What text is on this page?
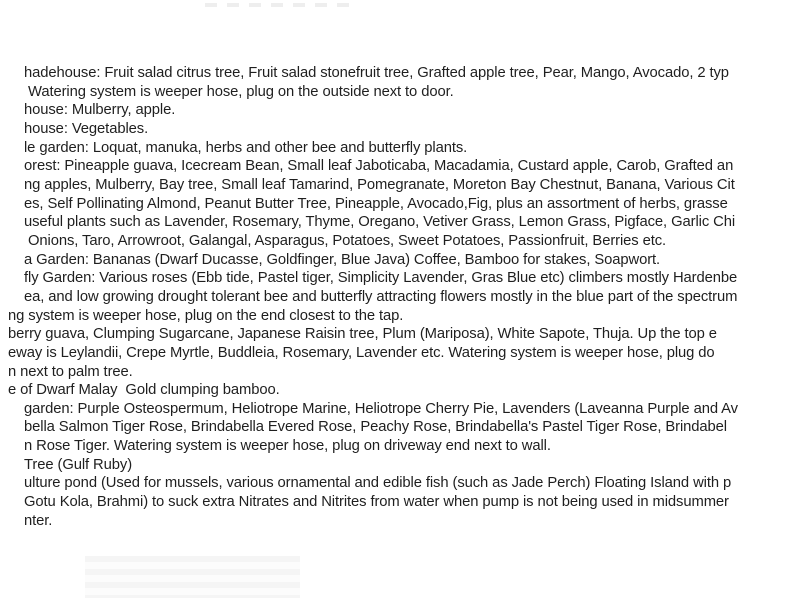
hadehouse: Fruit salad citrus tree, Fruit salad stonefruit tree, Grafted apple tree, Pear, Mango, Avocado, 2 typ
Watering system is weeper hose, plug on the outside next to door.
house: Mulberry, apple.
house: Vegetables.
le garden: Loquat, manuka, herbs and other bee and butterfly plants.
orest: Pineapple guava, Icecream Bean, Small leaf Jaboticaba, Macadamia, Custard apple, Carob, Grafted an
ng apples, Mulberry, Bay tree, Small leaf Tamarind, Pomegranate, Moreton Bay Chestnut, Banana, Various Cit
es, Self Pollinating Almond, Peanut Butter Tree, Pineapple, Avocado,Fig, plus an assortment of herbs, grasse
useful plants such as Lavender, Rosemary, Thyme, Oregano, Vetiver Grass, Lemon Grass, Pigface, Garlic Chi
Onions, Taro, Arrowroot, Galangal, Asparagus, Potatoes, Sweet Potatoes, Passionfruit, Berries etc.
a Garden: Bananas (Dwarf Ducasse, Goldfinger, Blue Java) Coffee, Bamboo for stakes, Soapwort.
fly Garden: Various roses (Ebb tide, Pastel tiger, Simplicity Lavender, Gras Blue etc) climbers mostly Hardenbe
ea, and low growing drought tolerant bee and butterfly attracting flowers mostly in the blue part of the spectrum
ng system is weeper hose, plug on the end closest to the tap.
berry guava, Clumping Sugarcane, Japanese Raisin tree, Plum (Mariposa), White Sapote, Thuja. Up the top e
eway is Leylandii, Crepe Myrtle, Buddleia, Rosemary, Lavender etc. Watering system is weeper hose, plug do
n next to palm tree.
e of Dwarf Malay  Gold clumping bamboo.
garden: Purple Osteospermum, Heliotrope Marine, Heliotrope Cherry Pie, Lavenders (Laveanna Purple and Av
bella Salmon Tiger Rose, Brindabella Evered Rose, Peachy Rose, Brindabella's Pastel Tiger Rose, Brindabel
n Rose Tiger. Watering system is weeper hose, plug on driveway end next to wall.
Tree (Gulf Ruby)
ulture pond (Used for mussels, various ornamental and edible fish (such as Jade Perch) Floating Island with p
Gotu Kola, Brahmi) to suck extra Nitrates and Nitrites from water when pump is not being used in midsummer
nter.
